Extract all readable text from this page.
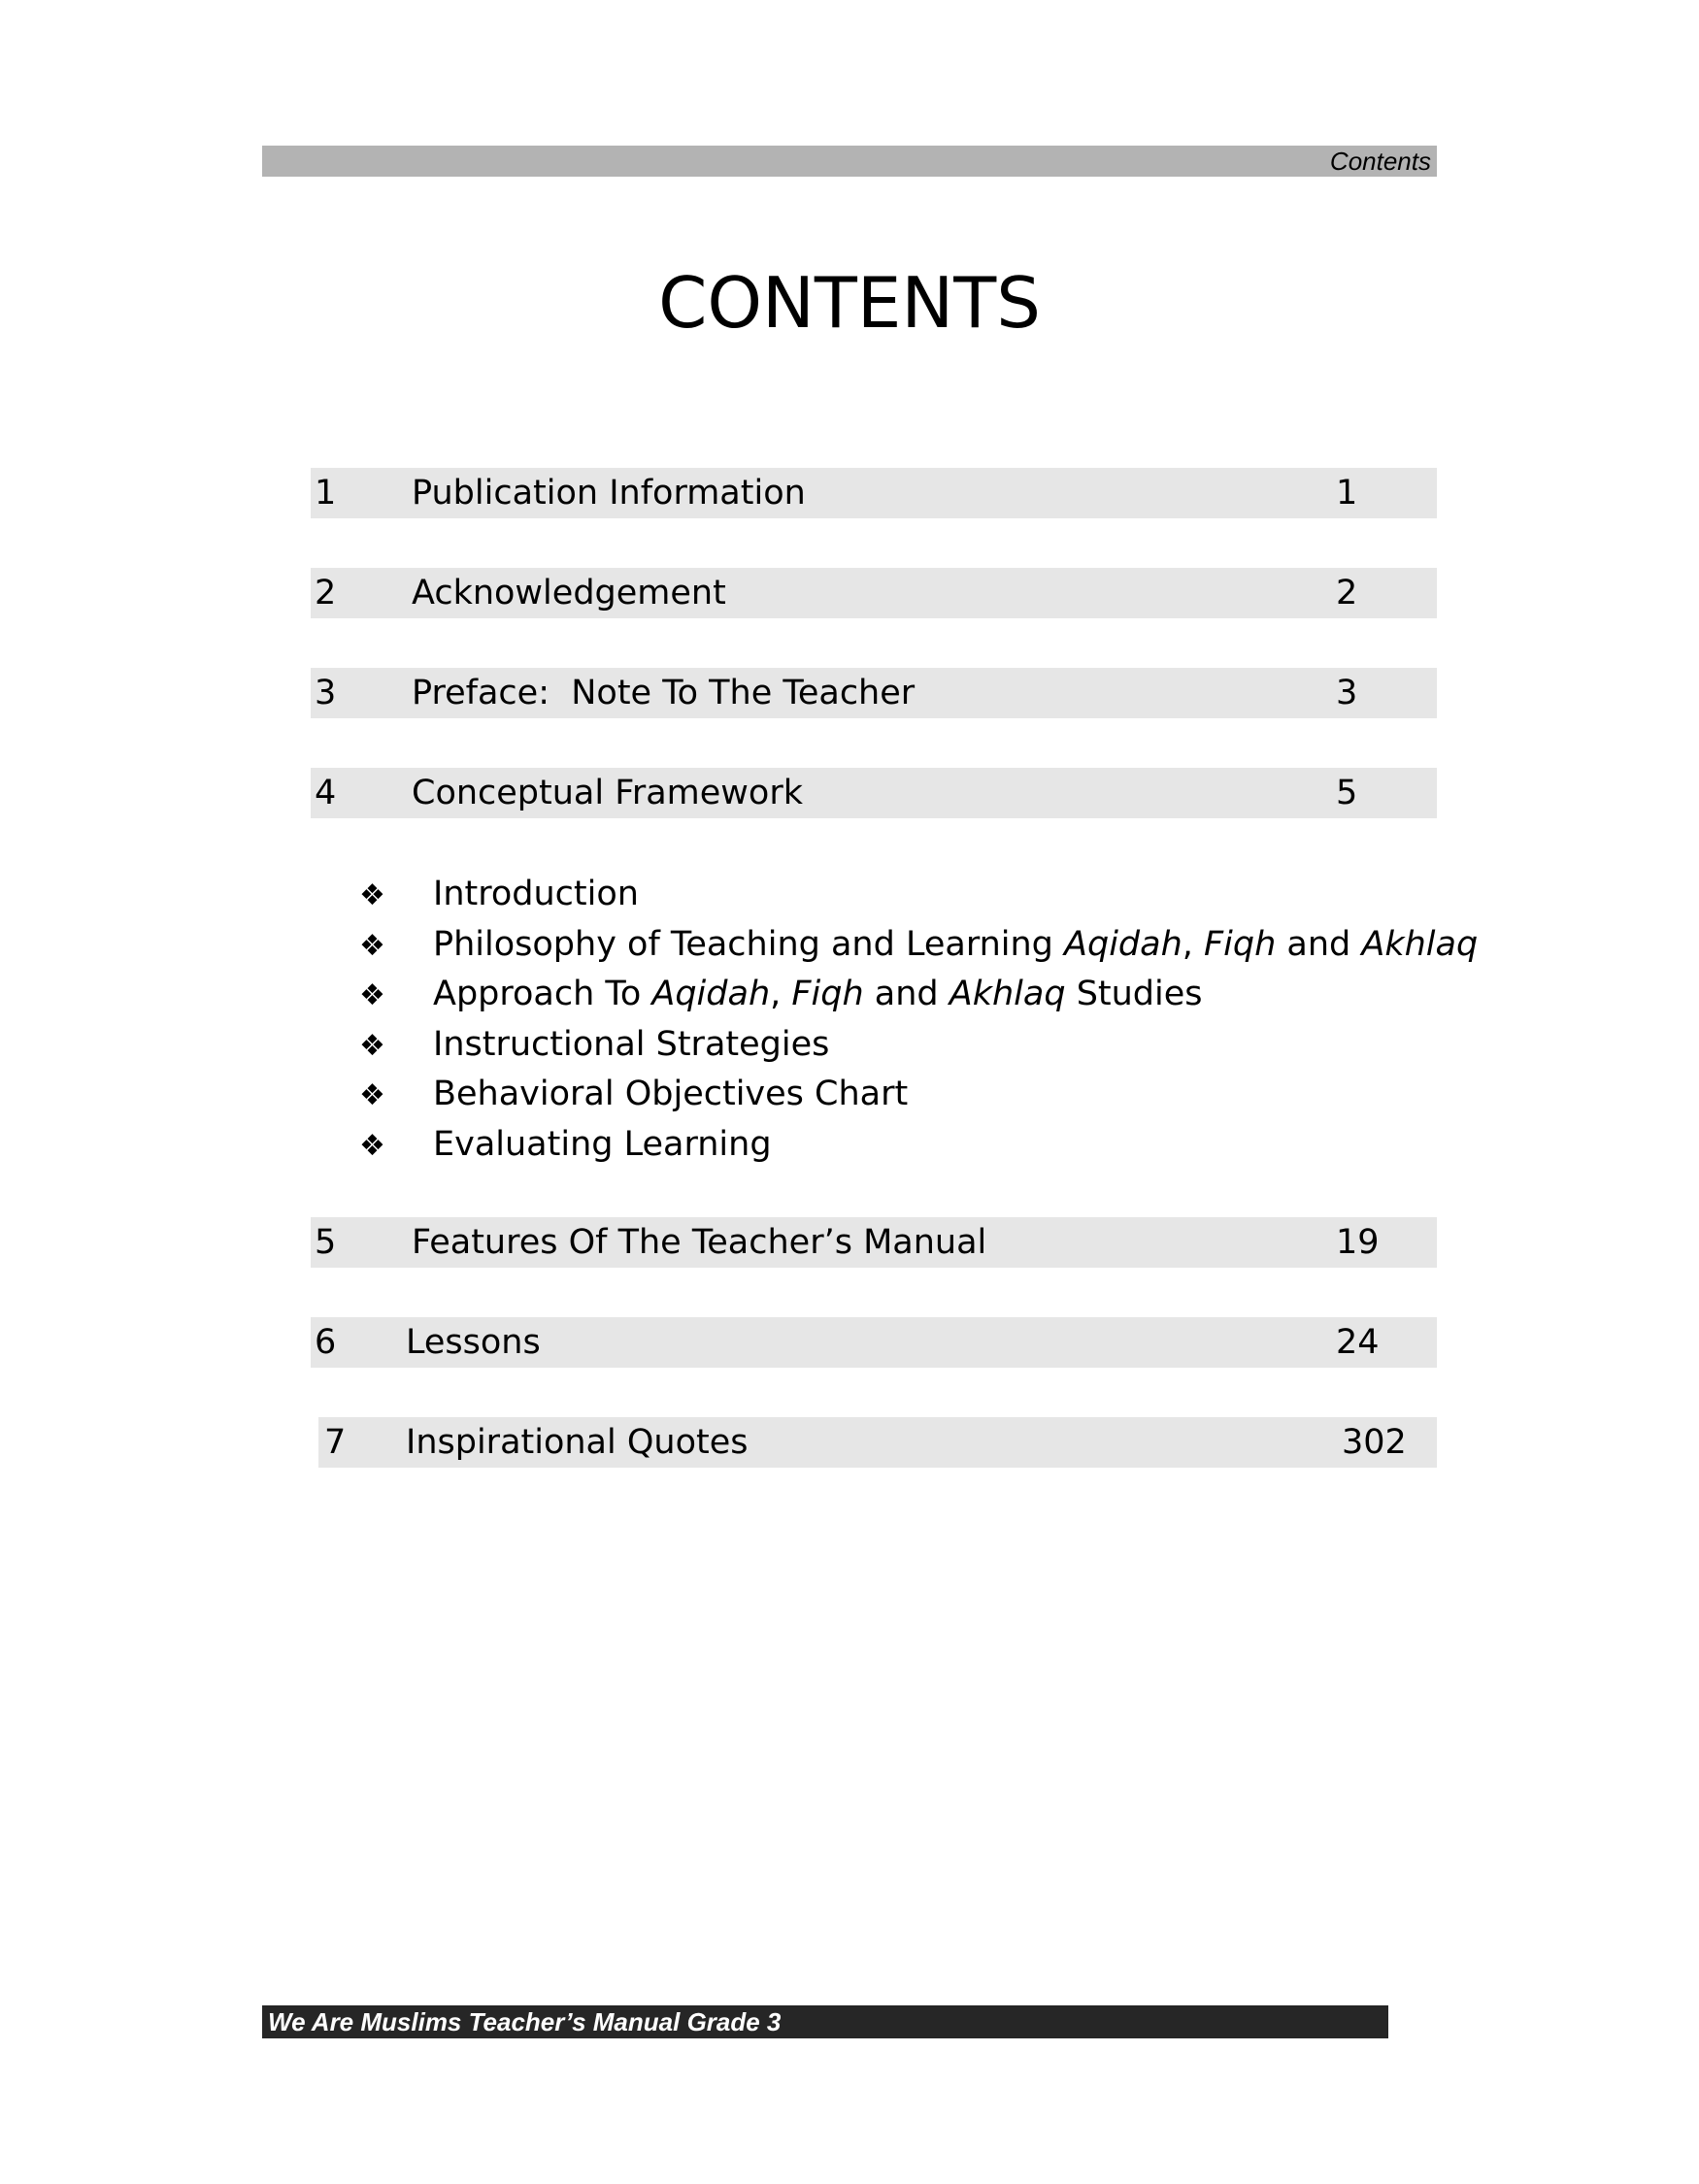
Contents
CONTENTS
1 Publication Information	1
2 Acknowledgement	2
3 Preface:  Note To The Teacher	3
4 Conceptual Framework	5
❖ Introduction
❖ Philosophy of Teaching and Learning Aqidah, Fiqh and Akhlaq
❖ Approach To Aqidah, Fiqh and Akhlaq Studies
❖ Instructional Strategies
❖ Behavioral Objectives Chart
❖ Evaluating Learning
5 Features Of The Teacher’s Manual	19
6 Lessons	24
7 Inspirational Quotes	302
We Are Muslims Teacher’s Manual Grade 3
